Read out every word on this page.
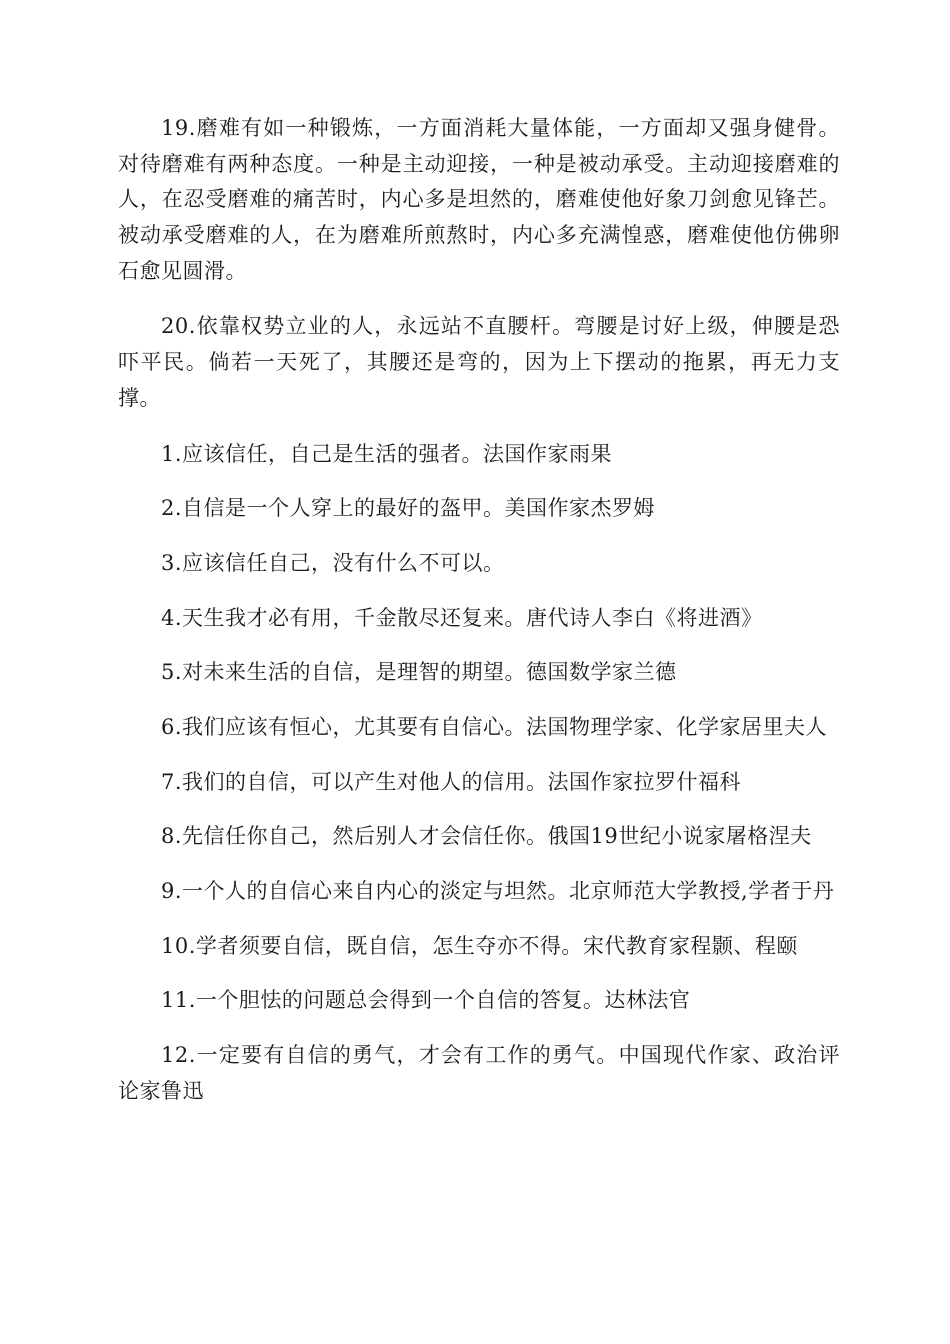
19.磨难有如一种锻炼，一方面消耗大量体能，一方面却又强身健骨。对待磨难有两种态度。一种是主动迎接，一种是被动承受。主动迎接磨难的人，在忍受磨难的痛苦时，内心多是坦然的，磨难使他好象刀剑愈见锋芒。被动承受磨难的人，在为磨难所煎熬时，内心多充满惶惑，磨难使他仿佛卵石愈见圆滑。

20.依靠权势立业的人，永远站不直腰杆。弯腰是讨好上级，伸腰是恐吓平民。倘若一天死了，其腰还是弯的，因为上下摆动的拖累，再无力支撑。

1.应该信任，自己是生活的强者。法国作家雨果

2.自信是一个人穿上的最好的盔甲。美国作家杰罗姆

3.应该信任自己，没有什么不可以。

4.天生我才必有用，千金散尽还复来。唐代诗人李白《将进酒》

5.对未来生活的自信，是理智的期望。德国数学家兰德

6.我们应该有恒心，尤其要有自信心。法国物理学家、化学家居里夫人

7.我们的自信，可以产生对他人的信用。法国作家拉罗什福科

8.先信任你自己，然后别人才会信任你。俄国19世纪小说家屠格涅夫

9.一个人的自信心来自内心的淡定与坦然。北京师范大学教授,学者于丹

10.学者须要自信，既自信，怎生夺亦不得。宋代教育家程颢、程颐

11.一个胆怯的问题总会得到一个自信的答复。达林法官

12.一定要有自信的勇气，才会有工作的勇气。中国现代作家、政治评论家鲁迅
